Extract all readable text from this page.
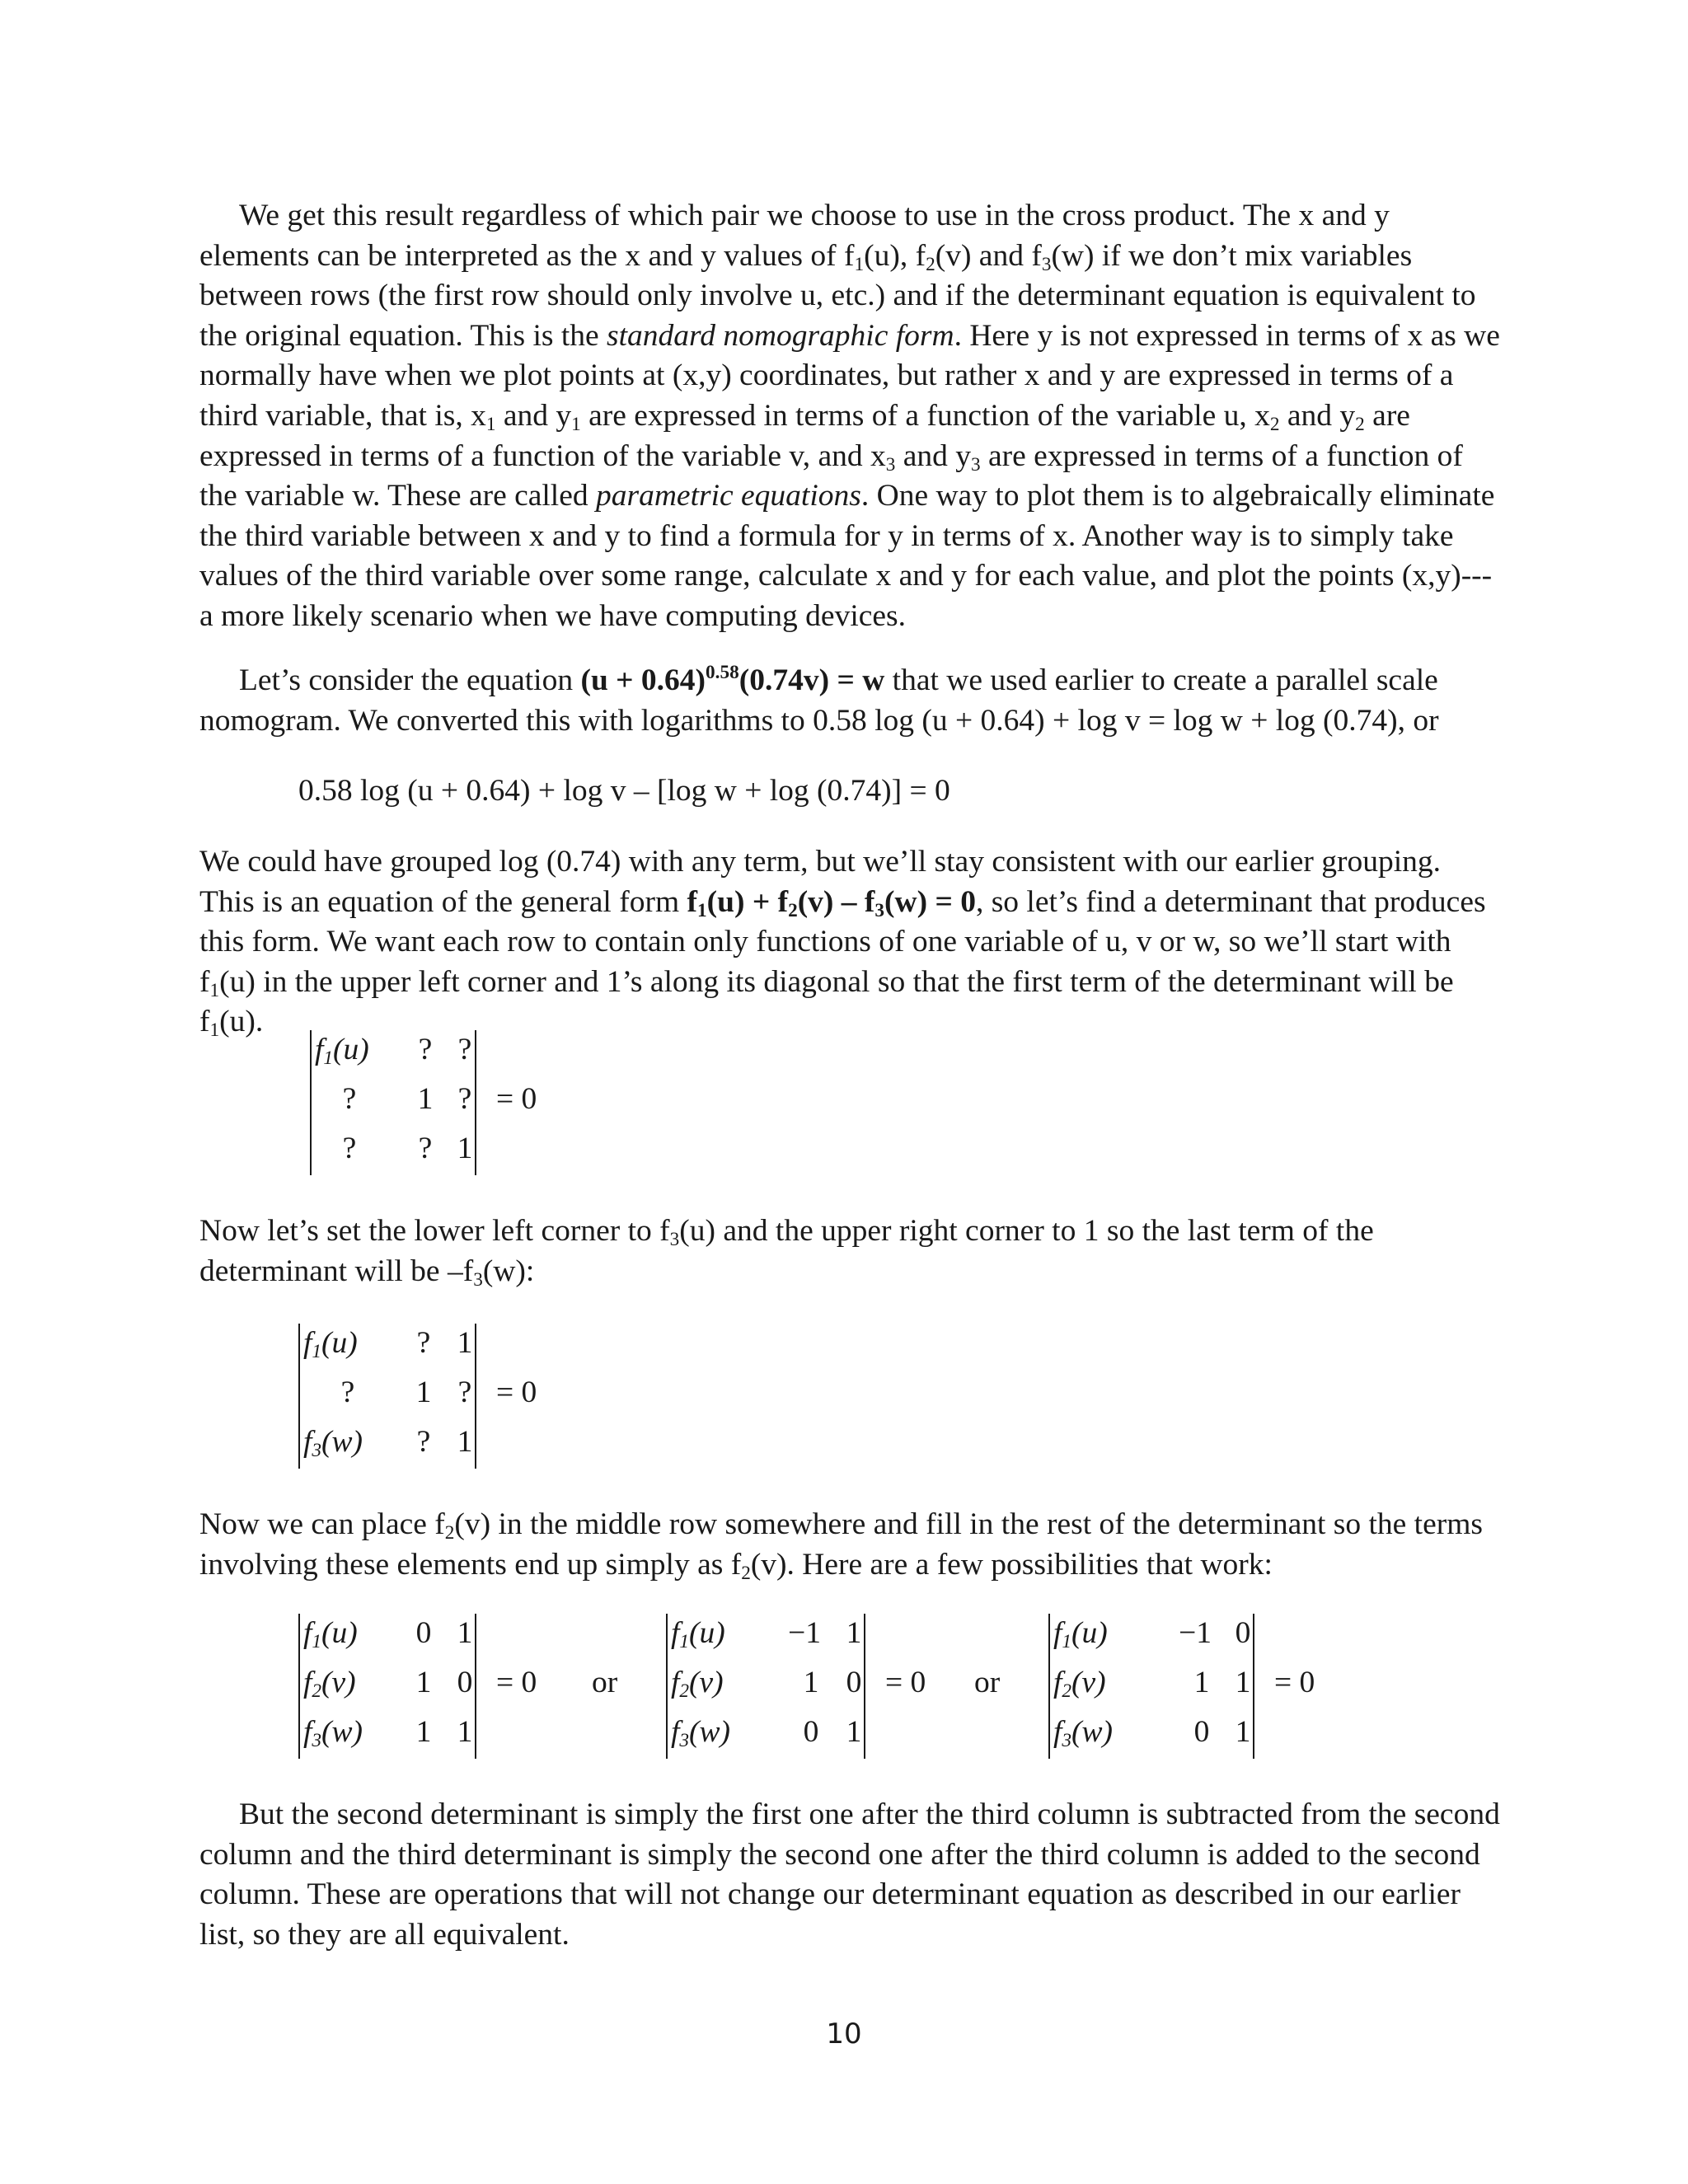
We get this result regardless of which pair we choose to use in the cross product. The x and y elements can be interpreted as the x and y values of $f_1(u)$, $f_2(v)$ and $f_3(w)$ if we don’t mix variables between rows (the first row should only involve u, etc.) and if the determinant equation is equivalent to the original equation. This is the standard nomographic form. Here y is not expressed in terms of x as we normally have when we plot points at (x,y) coordinates, but rather x and y are expressed in terms of a third variable, that is, $x_1$ and $y_1$ are expressed in terms of a function of the variable u, $x_2$ and $y_2$ are expressed in terms of a function of the variable v, and $x_3$ and $y_3$ are expressed in terms of a function of the variable w. These are called parametric equations. One way to plot them is to algebraically eliminate the third variable between x and y to find a formula for y in terms of x. Another way is to simply take values of the third variable over some range, calculate x and y for each value, and plot the points (x,y)---a more likely scenario when we have computing devices.

Let’s consider the equation $(u + 0.64)^{0.58}(0.74v) = w$ that we used earlier to create a parallel scale nomogram. We converted this with logarithms to 0.58 log (u + 0.64) + log v = log w + log (0.74), or

0.58 log (u + 0.64) + log v – [log w + log (0.74)] = 0

We could have grouped log (0.74) with any term, but we’ll stay consistent with our earlier grouping. This is an equation of the general form $f_1(u) + f_2(v) - f_3(w) = 0$, so let’s find a determinant that produces this form. We want each row to contain only functions of one variable of u, v or w, so we’ll start with $f_1(u)$ in the upper left corner and 1’s along its diagonal so that the first term of the determinant will be $f_1(u)$.

$f_1(u)$ ? ?
? 1 ?
? ? 1
= 0

Now let’s set the lower left corner to $f_3(u)$ and the upper right corner to 1 so the last term of the determinant will be $-f_3(w)$:

$f_1(u)$ ? 1
? 1 ?
$f_3(w)$ ? 1
= 0

Now we can place $f_2(v)$ in the middle row somewhere and fill in the rest of the determinant so the terms involving these elements end up simply as $f_2(v)$. Here are a few possibilities that work:

$f_1(u)$ 0 1
$f_2(v)$ 1 0
$f_3(w)$ 1 1
= 0 or
$f_1(u) -1$ 1
$f_2(v)$	1 0
$f_3(w)$ 0 1
= 0 or
$f_1(u) -1$ 0
$f_2(v)$	1 1
$f_3(w)$	0 1
= 0

But the second determinant is simply the first one after the third column is subtracted from the second column and the third determinant is simply the second one after the third column is added to the second column. These are operations that will not change our determinant equation as described in our earlier list, so they are all equivalent.

10
